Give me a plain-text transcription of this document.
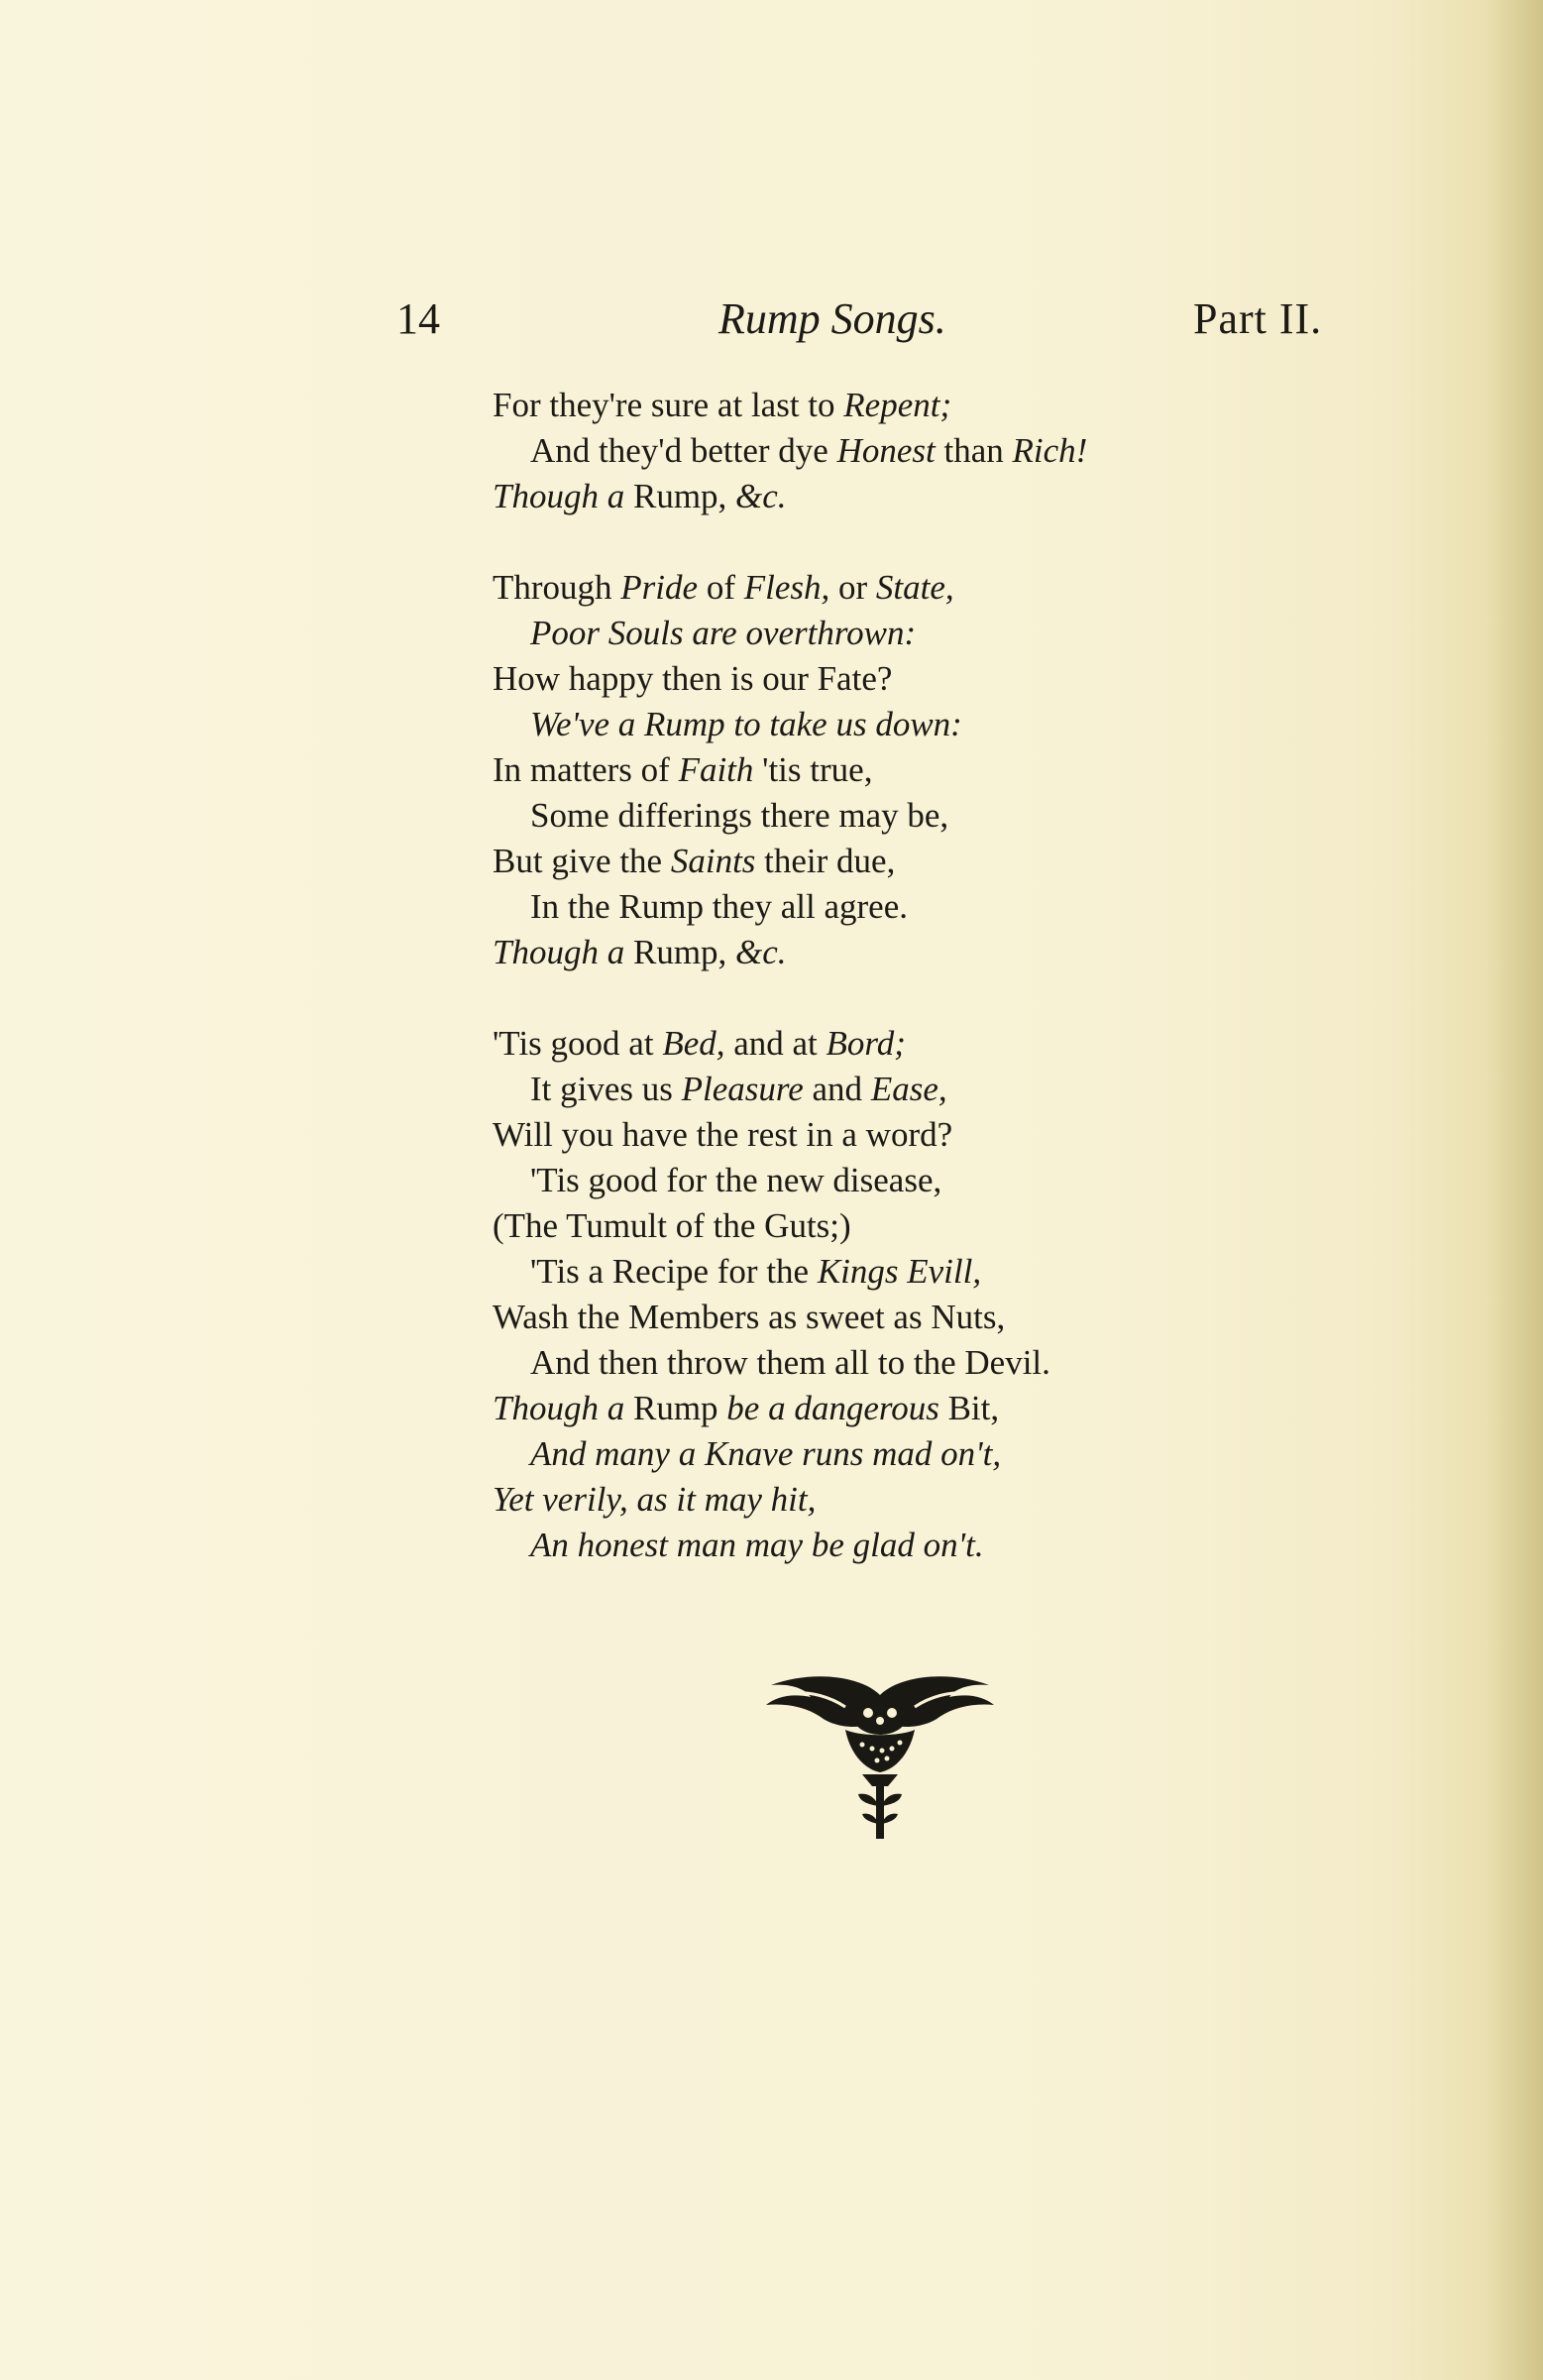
14	Rump Songs.	Part II.
For they're sure at last to Repent;
And they'd better dye Honest than Rich!
Though a Rump, &c.
Through Pride of Flesh, or State,
Poor Souls are overthrown:
How happy then is our Fate?
We've a Rump to take us down:
In matters of Faith 'tis true,
Some differings there may be,
But give the Saints their due,
In the Rump they all agree.
Though a Rump, &c.
'Tis good at Bed, and at Bord;
It gives us Pleasure and Ease,
Will you have the rest in a word?
'Tis good for the new disease,
(The Tumult of the Guts;)
'Tis a Recipe for the Kings Evill,
Wash the Members as sweet as Nuts,
And then throw them all to the Devil.
Though a Rump be a dangerous Bit,
And many a Knave runs mad on't,
Yet verily, as it may hit,
An honest man may be glad on't.
